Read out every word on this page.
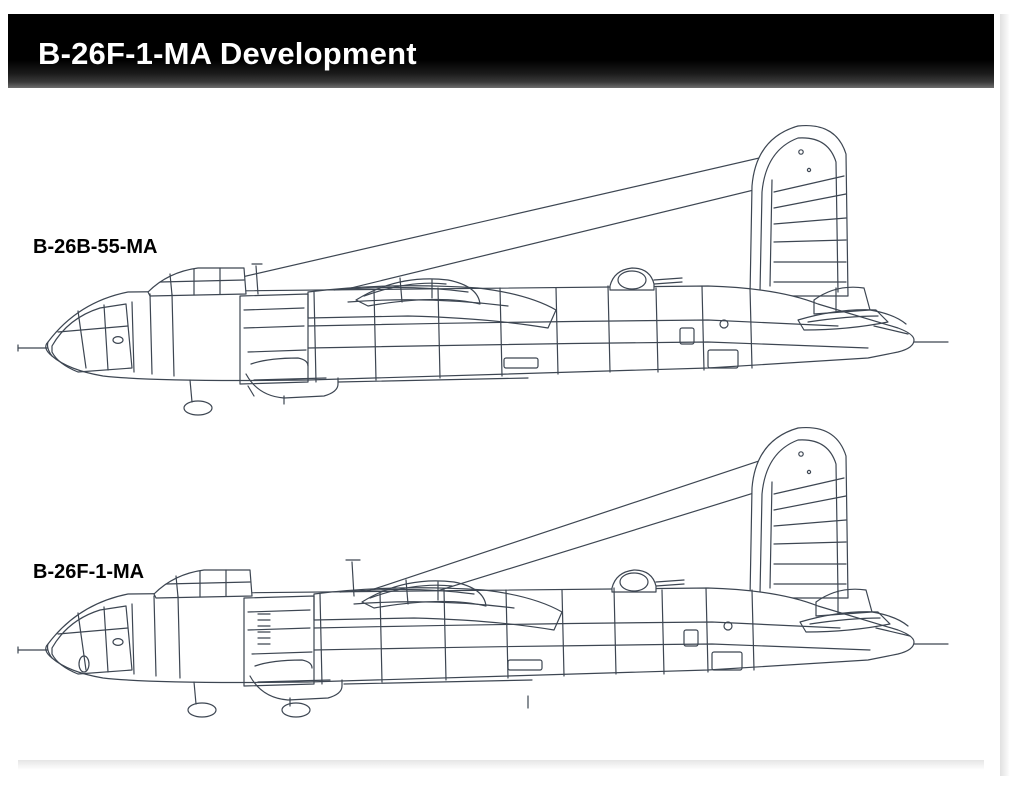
B-26F-1-MA Development
B-26B-55-MA
B-26F-1-MA
